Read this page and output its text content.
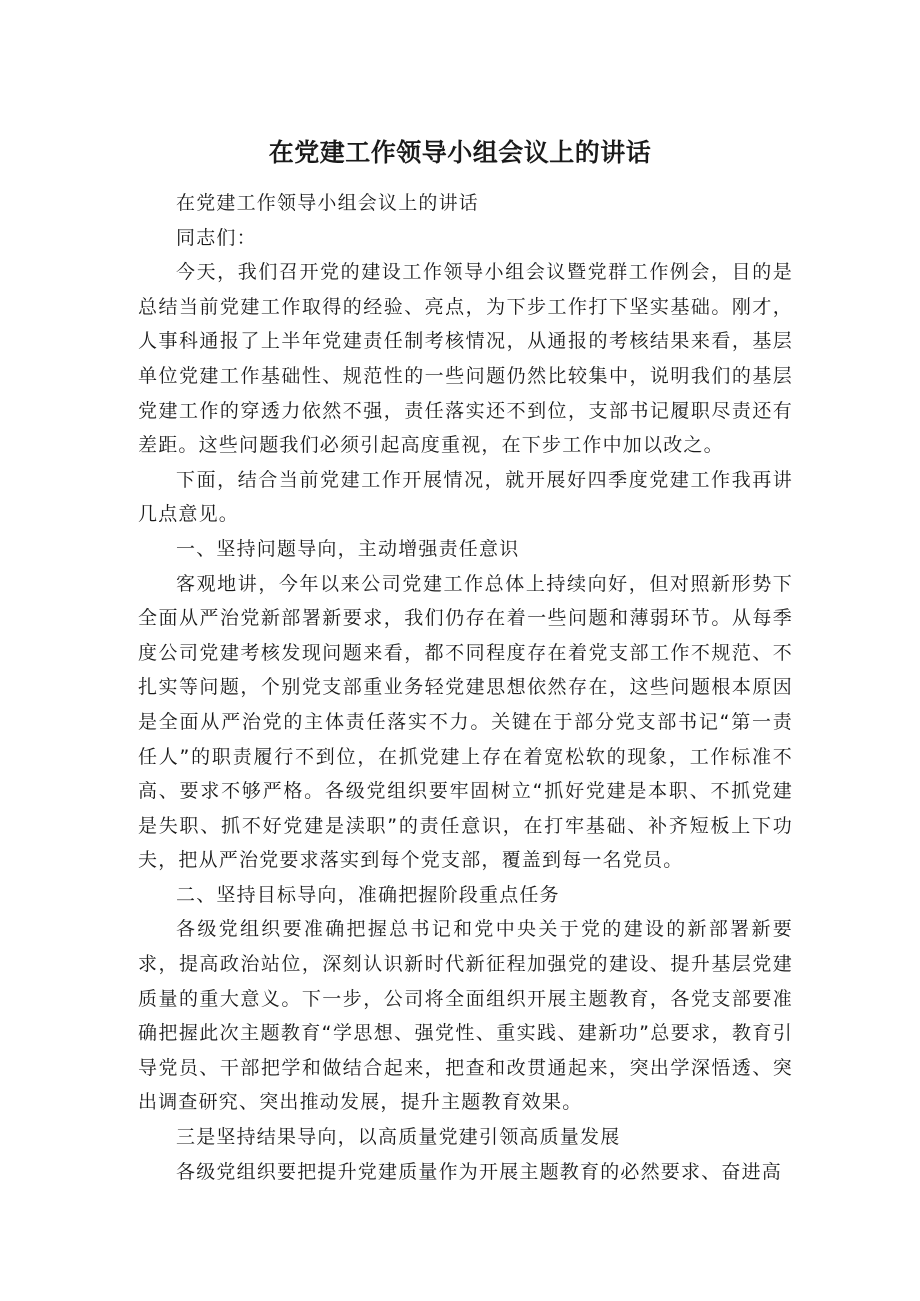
在党建工作领导小组会议上的讲话

在党建工作领导小组会议上的讲话

同志们：

今天，我们召开党的建设工作领导小组会议暨党群工作例会，目的是总结当前党建工作取得的经验、亮点，为下步工作打下坚实基础。刚才，人事科通报了上半年党建责任制考核情况，从通报的考核结果来看，基层单位党建工作基础性、规范性的一些问题仍然比较集中，说明我们的基层党建工作的穿透力依然不强，责任落实还不到位，支部书记履职尽责还有差距。这些问题我们必须引起高度重视，在下步工作中加以改之。

下面，结合当前党建工作开展情况，就开展好四季度党建工作我再讲几点意见。

一、坚持问题导向，主动增强责任意识

客观地讲，今年以来公司党建工作总体上持续向好，但对照新形势下全面从严治党新部署新要求，我们仍存在着一些问题和薄弱环节。从每季度公司党建考核发现问题来看，都不同程度存在着党支部工作不规范、不扎实等问题，个别党支部重业务轻党建思想依然存在，这些问题根本原因是全面从严治党的主体责任落实不力。关键在于部分党支部书记“第一责任人”的职责履行不到位，在抓党建上存在着宽松软的现象，工作标准不高、要求不够严格。各级党组织要牢固树立“抓好党建是本职、不抓党建是失职、抓不好党建是渎职”的责任意识，在打牢基础、补齐短板上下功夫，把从严治党要求落实到每个党支部，覆盖到每一名党员。

二、坚持目标导向，准确把握阶段重点任务

各级党组织要准确把握总书记和党中央关于党的建设的新部署新要求，提高政治站位，深刻认识新时代新征程加强党的建设、提升基层党建质量的重大意义。下一步，公司将全面组织开展主题教育，各党支部要准确把握此次主题教育“学思想、强党性、重实践、建新功”总要求，教育引导党员、干部把学和做结合起来，把查和改贯通起来，突出学深悟透、突出调查研究、突出推动发展，提升主题教育效果。

三是坚持结果导向，以高质量党建引领高质量发展

各级党组织要把提升党建质量作为开展主题教育的必然要求、奋进高
